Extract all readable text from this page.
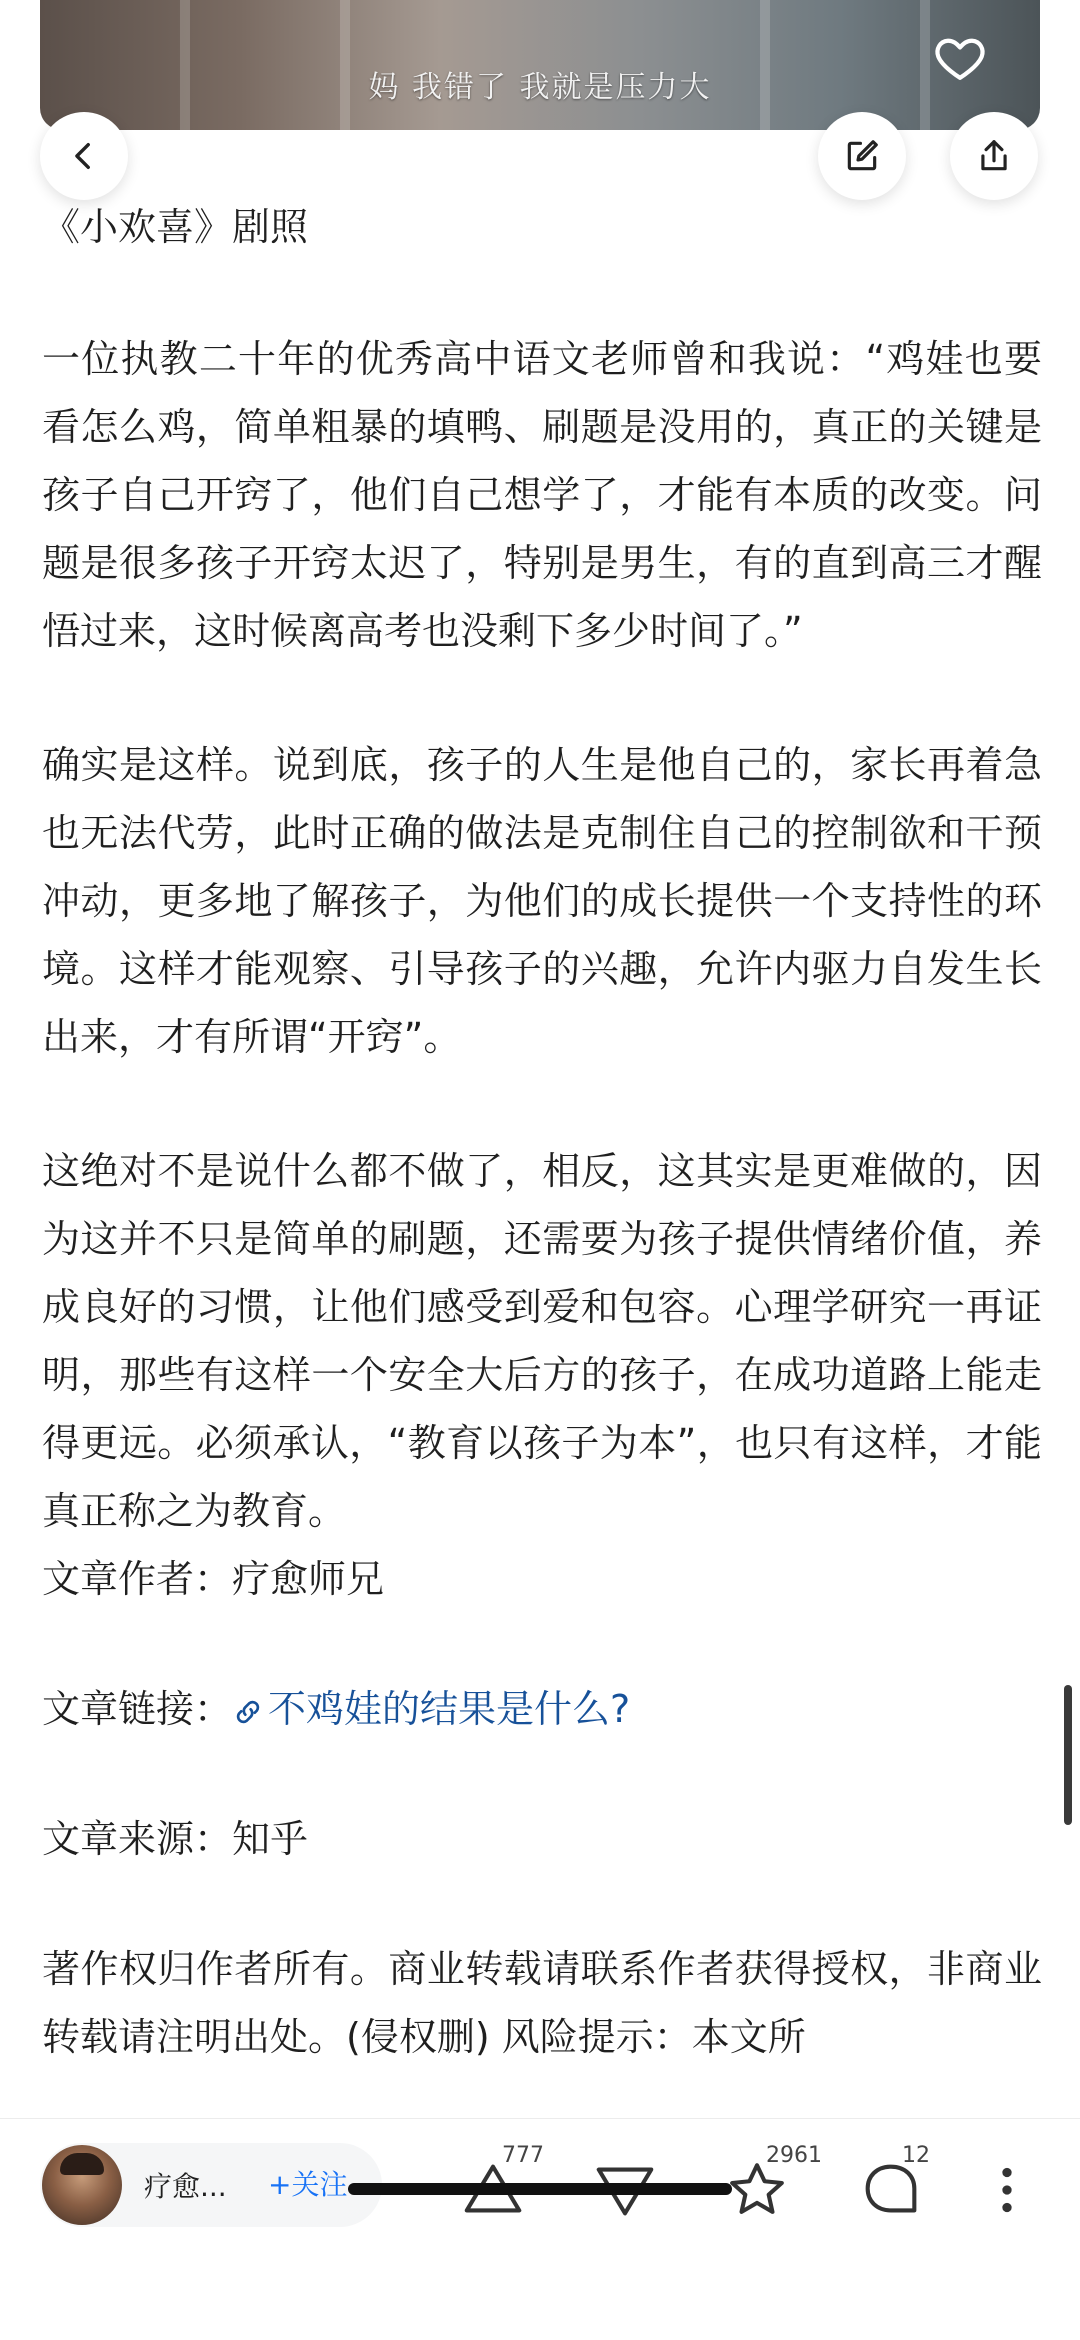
妈 我错了 我就是压力大

《小欢喜》剧照

一位执教二十年的优秀高中语文老师曾和我说：“鸡娃也要看怎么鸡，简单粗暴的填鸭、刷题是没用的，真正的关键是孩子自己开窍了，他们自己想学了，才能有本质的改变。问题是很多孩子开窍太迟了，特别是男生，有的直到高三才醒悟过来，这时候离高考也没剩下多少时间了。”

确实是这样。说到底，孩子的人生是他自己的，家长再着急也无法代劳，此时正确的做法是克制住自己的控制欲和干预冲动，更多地了解孩子，为他们的成长提供一个支持性的环境。这样才能观察、引导孩子的兴趣，允许内驱力自发生长出来，才有所谓“开窍”。

这绝对不是说什么都不做了，相反，这其实是更难做的，因为这并不只是简单的刷题，还需要为孩子提供情绪价值，养成良好的习惯，让他们感受到爱和包容。心理学研究一再证明，那些有这样一个安全大后方的孩子，在成功道路上能走得更远。必须承认，“教育以孩子为本”，也只有这样，才能真正称之为教育。

文章作者：疗愈师兄

文章链接： 不鸡娃的结果是什么?

文章来源：知乎

著作权归作者所有。商业转载请联系作者获得授权，非商业转载请注明出处。(侵权删) 风险提示：本文所

疗愈...	+关注
777	2961	12
